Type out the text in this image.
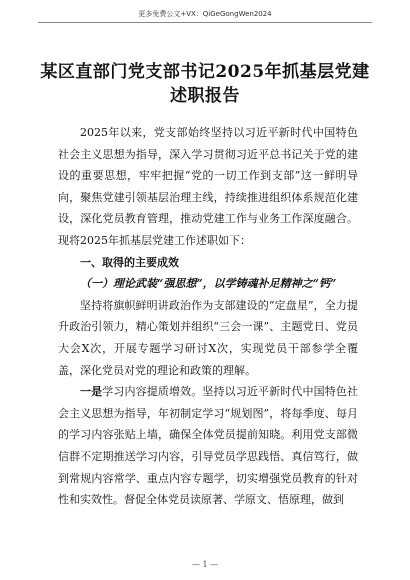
更多免费公文+VX：QiGeGongWen2024
某区直部门党支部书记2025年抓基层党建述职报告

2025年以来，党支部始终坚持以习近平新时代中国特色社会主义思想为指导，深入学习贯彻习近平总书记关于党的建设的重要思想，牢牢把握“党的一切工作到支部”这一鲜明导向，聚焦党建引领基层治理主线，持续推进组织体系规范化建设，深化党员教育管理，推动党建工作与业务工作深度融合。现将2025年抓基层党建工作述职如下：

一、取得的主要成效

（一）理论武装“强思想”，以学铸魂补足精神之“钙”

坚持将旗帜鲜明讲政治作为支部建设的“定盘星”，全力提升政治引领力，精心策划并组织“三会一课”、主题党日、党员大会X次，开展专题学习研讨X次，实现党员干部参学全覆盖，深化党员对党的理论和政策的理解。

一是学习内容提质增效。坚持以习近平新时代中国特色社会主义思想为指导，年初制定学习“规划图”，将每季度、每月的学习内容张贴上墙，确保全体党员提前知晓。利用党支部微信群不定期推送学习内容，引导党员学思践悟、真信笃行，做到常规内容常学、重点内容专题学，切实增强党员教育的针对性和实效性。督促全体党员读原著、学原文、悟原理，做到

— 1 —
